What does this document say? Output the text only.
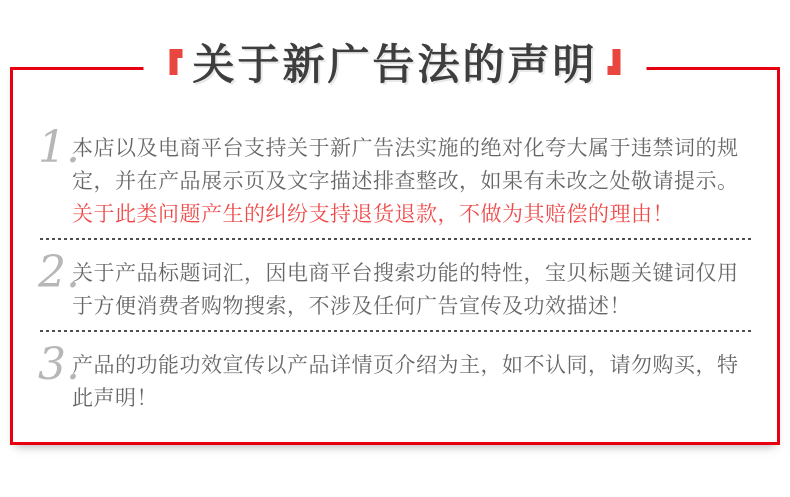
关于新广告法的声明
1.
本店以及电商平台支持关于新广告法实施的绝对化夸大属于违禁词的规定，并在产品展示页及文字描述排查整改，如果有未改之处敬请提示。
关于此类问题产生的纠纷支持退货退款，不做为其赔偿的理由！
2.
关于产品标题词汇，因电商平台搜索功能的特性，宝贝标题关键词仅用于方便消费者购物搜索，不涉及任何广告宣传及功效描述！
3.
产品的功能功效宣传以产品详情页介绍为主，如不认同，请勿购买，特此声明！
